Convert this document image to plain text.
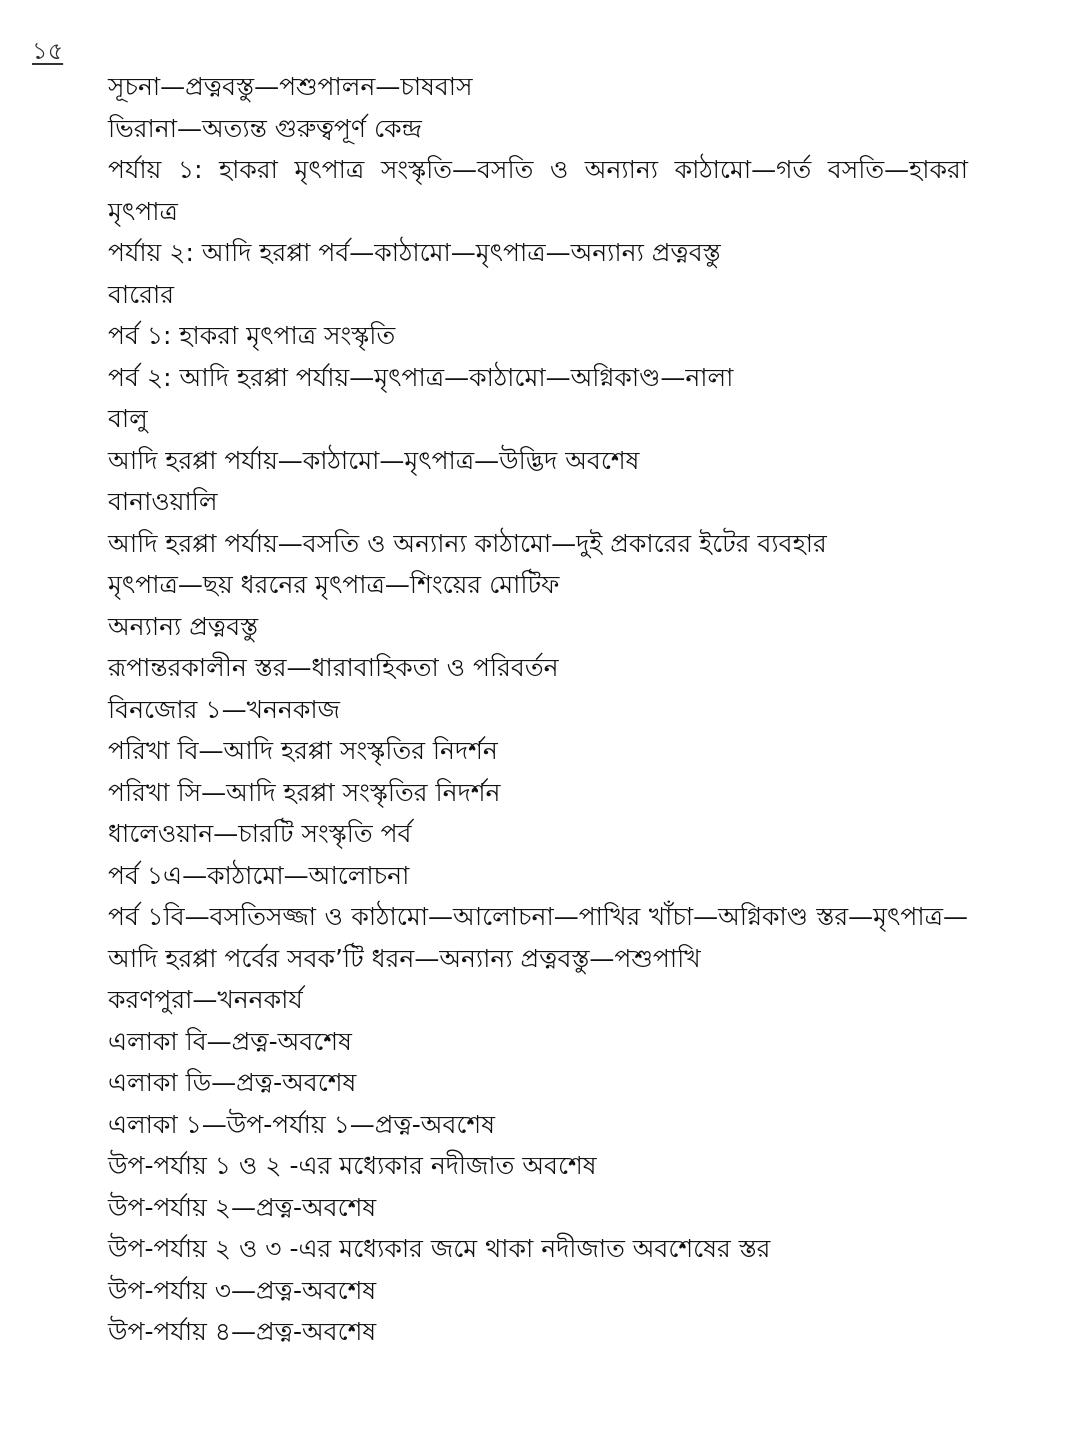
১৫
সূচনা—প্রত্নবস্তু—পশুপালন—চাষবাস
ভিরানা—অত্যন্ত গুরুত্বপূর্ণ কেন্দ্র
পর্যায় ১: হাকরা মৃৎপাত্র সংস্কৃতি—বসতি ও অন্যান্য কাঠামো—গর্ত বসতি—হাকরা
মৃৎপাত্র
পর্যায় ২: আদি হরপ্পা পর্ব—কাঠামো—মৃৎপাত্র—অন্যান্য প্রত্নবস্তু
বারোর
পর্ব ১: হাকরা মৃৎপাত্র সংস্কৃতি
পর্ব ২: আদি হরপ্পা পর্যায়—মৃৎপাত্র—কাঠামো—অগ্নিকাণ্ড—নালা
বালু
আদি হরপ্পা পর্যায়—কাঠামো—মৃৎপাত্র—উদ্ভিদ অবশেষ
বানাওয়ালি
আদি হরপ্পা পর্যায়—বসতি ও অন্যান্য কাঠামো—দুই প্রকারের ইটের ব্যবহার
মৃৎপাত্র—ছয় ধরনের মৃৎপাত্র—শিংয়ের মোটিফ
অন্যান্য প্রত্নবস্তু
রূপান্তরকালীন স্তর—ধারাবাহিকতা ও পরিবর্তন
বিনজোর ১—খননকাজ
পরিখা বি—আদি হরপ্পা সংস্কৃতির নিদর্শন
পরিখা সি—আদি হরপ্পা সংস্কৃতির নিদর্শন
ধালেওয়ান—চারটি সংস্কৃতি পর্ব
পর্ব ১এ—কাঠামো—আলোচনা
পর্ব ১বি—বসতিসজ্জা ও কাঠামো—আলোচনা—পাখির খাঁচা—অগ্নিকাণ্ড স্তর—মৃৎপাত্র—
আদি হরপ্পা পর্বের সবক’টি ধরন—অন্যান্য প্রত্নবস্তু—পশুপাখি
করণপুরা—খননকার্য
এলাকা বি—প্রত্ন-অবশেষ
এলাকা ডি—প্রত্ন-অবশেষ
এলাকা ১—উপ-পর্যায় ১—প্রত্ন-অবশেষ
উপ-পর্যায় ১ ও ২ -এর মধ্যেকার নদীজাত অবশেষ
উপ-পর্যায় ২—প্রত্ন-অবশেষ
উপ-পর্যায় ২ ও ৩ -এর মধ্যেকার জমে থাকা নদীজাত অবশেষের স্তর
উপ-পর্যায় ৩—প্রত্ন-অবশেষ
উপ-পর্যায় ৪—প্রত্ন-অবশেষ
